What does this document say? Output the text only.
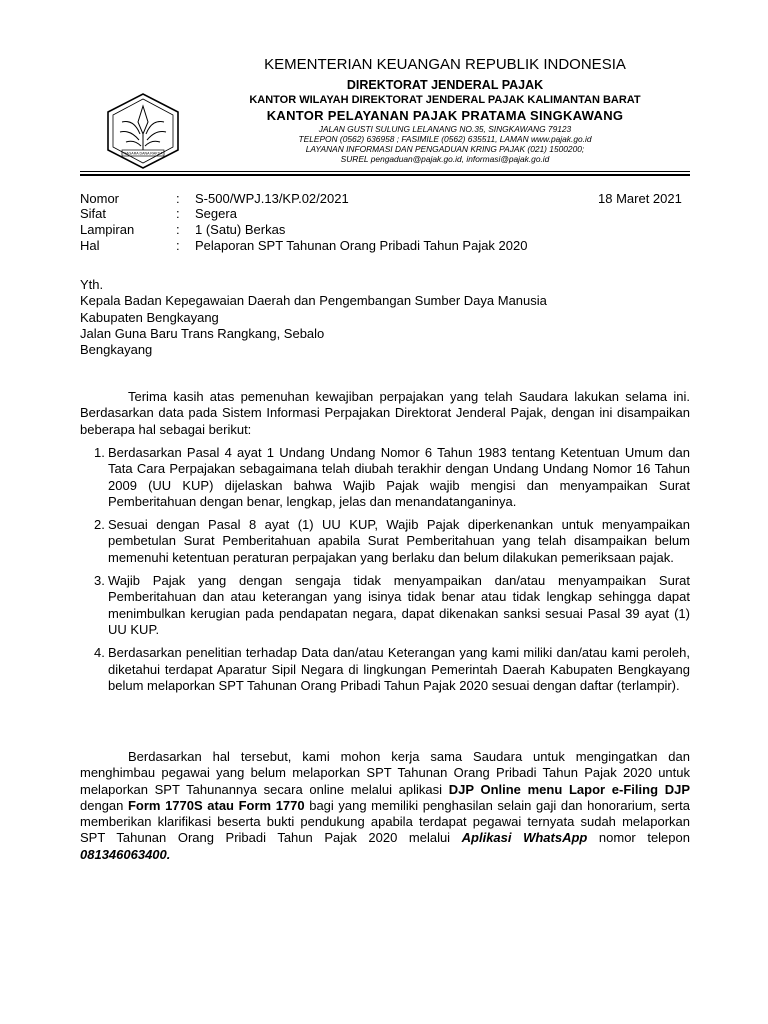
NAGARA DANA RAKSA
KEMENTERIAN KEUANGAN REPUBLIK INDONESIA
DIREKTORAT JENDERAL PAJAK
KANTOR WILAYAH DIREKTORAT JENDERAL PAJAK KALIMANTAN BARAT
KANTOR PELAYANAN PAJAK PRATAMA SINGKAWANG
JALAN GUSTI SULUNG LELANANG NO.35, SINGKAWANG 79123
TELEPON (0562) 636958 ; FASIMILE (0562) 635511, LAMAN www.pajak.go.id
LAYANAN INFORMASI DAN PENGADUAN KRING PAJAK (021) 1500200;
SUREL pengaduan@pajak.go.id, informasi@pajak.go.id
Nomor	: S-500/WPJ.13/KP.02/2021
Sifat	: Segera
Lampiran	: 1 (Satu) Berkas
Hal	: Pelaporan SPT Tahunan Orang Pribadi Tahun Pajak 2020
18 Maret 2021
Yth.
Kepala Badan Kepegawaian Daerah dan Pengembangan Sumber Daya Manusia
Kabupaten Bengkayang
Jalan Guna Baru Trans Rangkang, Sebalo
Bengkayang
Terima kasih atas pemenuhan kewajiban perpajakan yang telah Saudara lakukan selama ini. Berdasarkan data pada Sistem Informasi Perpajakan Direktorat Jenderal Pajak, dengan ini disampaikan beberapa hal sebagai berikut:
1. Berdasarkan Pasal 4 ayat 1 Undang Undang Nomor 6 Tahun 1983 tentang Ketentuan Umum dan Tata Cara Perpajakan sebagaimana telah diubah terakhir dengan Undang Undang Nomor 16 Tahun 2009 (UU KUP) dijelaskan bahwa Wajib Pajak wajib mengisi dan menyampaikan Surat Pemberitahuan dengan benar, lengkap, jelas dan menandatanganinya.
2. Sesuai dengan Pasal 8 ayat (1) UU KUP, Wajib Pajak diperkenankan untuk menyampaikan pembetulan Surat Pemberitahuan apabila Surat Pemberitahuan yang telah disampaikan belum memenuhi ketentuan peraturan perpajakan yang berlaku dan belum dilakukan pemeriksaan pajak.
3. Wajib Pajak yang dengan sengaja tidak menyampaikan dan/atau menyampaikan Surat Pemberitahuan dan atau keterangan yang isinya tidak benar atau tidak lengkap sehingga dapat menimbulkan kerugian pada pendapatan negara, dapat dikenakan sanksi sesuai Pasal 39 ayat (1) UU KUP.
4. Berdasarkan penelitian terhadap Data dan/atau Keterangan yang kami miliki dan/atau kami peroleh, diketahui terdapat Aparatur Sipil Negara di lingkungan Pemerintah Daerah Kabupaten Bengkayang belum melaporkan SPT Tahunan Orang Pribadi Tahun Pajak 2020 sesuai dengan daftar (terlampir).
Berdasarkan hal tersebut, kami mohon kerja sama Saudara untuk mengingatkan dan menghimbau pegawai yang belum melaporkan SPT Tahunan Orang Pribadi Tahun Pajak 2020 untuk melaporkan SPT Tahunannya secara online melalui aplikasi DJP Online menu Lapor e-Filing DJP dengan Form 1770S atau Form 1770 bagi yang memiliki penghasilan selain gaji dan honorarium, serta memberikan klarifikasi beserta bukti pendukung apabila terdapat pegawai ternyata sudah melaporkan SPT Tahunan Orang Pribadi Tahun Pajak 2020 melalui Aplikasi WhatsApp nomor telepon 081346063400.
